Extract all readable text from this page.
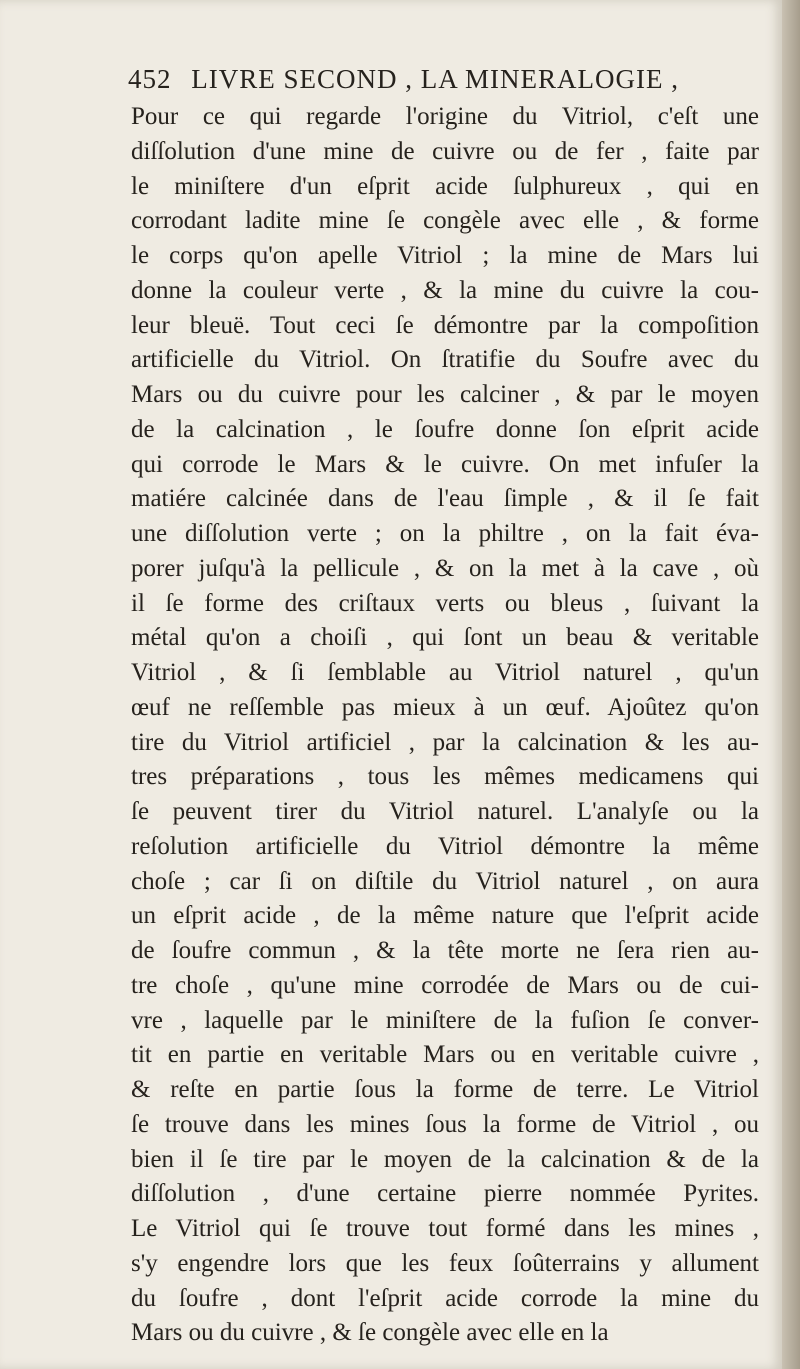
452 LIVRE SECOND , LA MINERALOGIE ,
Pour ce qui regarde l'origine du Vitriol, c'eſt une
diſſolution d'une mine de cuivre ou de fer , faite par
le miniſtere d'un eſprit acide ſulphureux , qui en
corrodant ladite mine ſe congèle avec elle , & forme
le corps qu'on apelle Vitriol ; la mine de Mars lui
donne la couleur verte , & la mine du cuivre la cou-
leur bleuë. Tout ceci ſe démontre par la compoſition
artificielle du Vitriol. On ſtratifie du Soufre avec du
Mars ou du cuivre pour les calciner , & par le moyen
de la calcination , le ſoufre donne ſon eſprit acide
qui corrode le Mars & le cuivre. On met infuſer la
matiére calcinée dans de l'eau ſimple , & il ſe fait
une diſſolution verte ; on la philtre , on la fait éva-
porer juſqu'à la pellicule , & on la met à la cave , où
il ſe forme des criſtaux verts ou bleus , ſuivant la
métal qu'on a choiſi , qui ſont un beau & veritable
Vitriol , & ſi ſemblable au Vitriol naturel , qu'un
œuf ne reſſemble pas mieux à un œuf. Ajoûtez qu'on
tire du Vitriol artificiel , par la calcination & les au-
tres préparations , tous les mêmes medicamens qui
ſe peuvent tirer du Vitriol naturel. L'analyſe ou la
reſolution artificielle du Vitriol démontre la même
choſe ; car ſi on diſtile du Vitriol naturel , on aura
un eſprit acide , de la même nature que l'eſprit acide
de ſoufre commun , & la tête morte ne ſera rien au-
tre choſe , qu'une mine corrodée de Mars ou de cui-
vre , laquelle par le miniſtere de la fuſion ſe conver-
tit en partie en veritable Mars ou en veritable cuivre ,
& reſte en partie ſous la forme de terre. Le Vitriol
ſe trouve dans les mines ſous la forme de Vitriol , ou
bien il ſe tire par le moyen de la calcination & de la
diſſolution , d'une certaine pierre nommée Pyrites.
Le Vitriol qui ſe trouve tout formé dans les mines ,
s'y engendre lors que les feux ſoûterrains y allument
du ſoufre , dont l'eſprit acide corrode la mine du
Mars ou du cuivre , & ſe congèle avec elle en la
